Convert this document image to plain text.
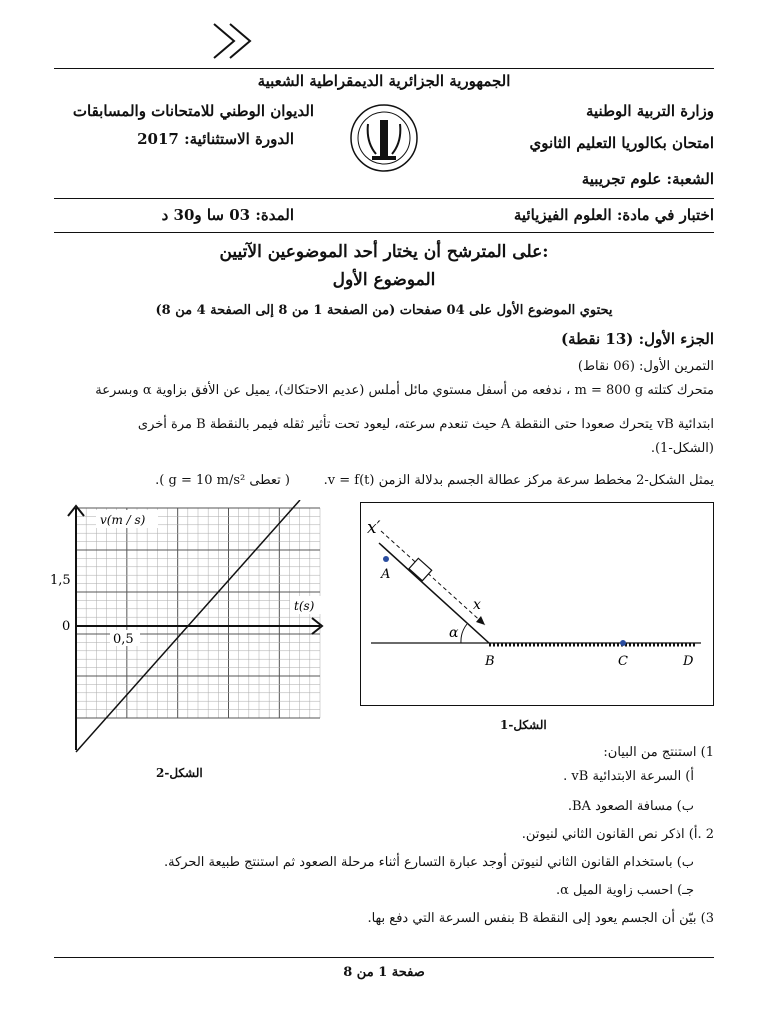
الجمهورية الجزائرية الديمقراطية الشعبية
وزارة التربية الوطنية
الديوان الوطني للامتحانات والمسابقات
امتحان بكالوريا التعليم الثانوي
الدورة الاستثنائية: 2017
الشعبة: علوم تجريبية
اختبار في مادة: العلوم الفيزيائية
المدة: 03 سا و30 د
على المترشح أن يختار أحد الموضوعين الآتيين:
الموضوع الأول
يحتوي الموضوع الأول على 04 صفحات (من الصفحة 1 من 8 إلى الصفحة 4 من 8)
الجزء الأول: (13 نقطة)
التمرين الأول: (06 نقاط)
متحرك كتلته m = 800 g ، ندفعه من أسفل مستوي مائل أملس (عديم الاحتكاك)، يميل عن الأفق بزاوية α وبسرعة
ابتدائية vB يتحرك صعودا حتى النقطة A حيث تنعدم سرعته، ليعود تحت تأثير ثقله فيمر بالنقطة B مرة أخرى
(الشكل-1).
يمثل الشكل-2 مخطط سرعة مركز عطالة الجسم بدلالة الزمن v = f(t).
( تعطى g = 10 m/s² ).
x′
A
x
α
B	C	D
الشكل-1
v(m / s)
t(s)
1,5
0
0,5
الشكل-2
1) استنتج من البيان:
أ) السرعة الابتدائية vB .
ب) مسافة الصعود BA.
2 .أ) اذكر نص القانون الثاني لنيوتن.
ب) باستخدام القانون الثاني لنيوتن أوجد عبارة التسارع أثناء مرحلة الصعود ثم استنتج طبيعة الحركة.
جـ) احسب زاوية الميل α.
3) بيّن أن الجسم يعود إلى النقطة B بنفس السرعة التي دفع بها.
صفحة 1 من 8
